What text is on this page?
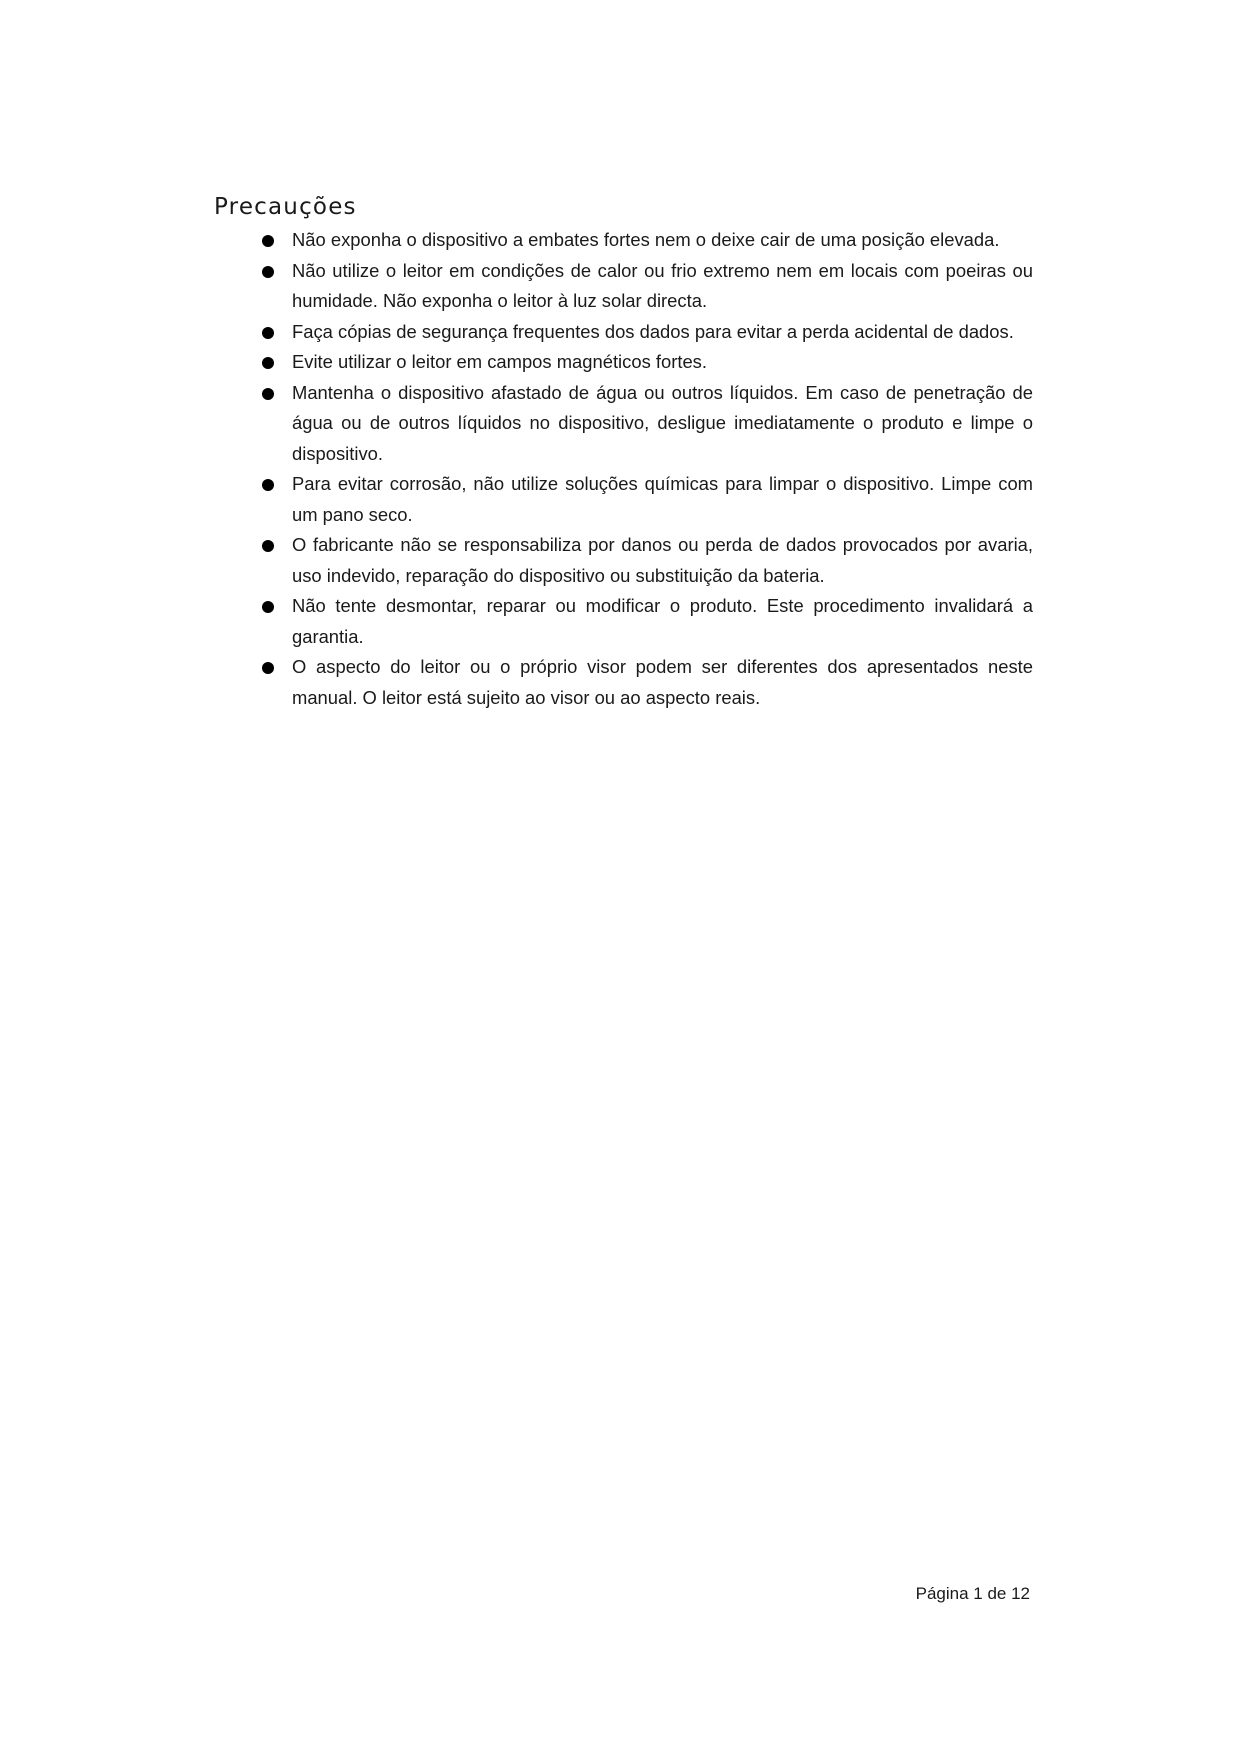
Precauções
Não exponha o dispositivo a embates fortes nem o deixe cair de uma posição elevada.
Não utilize o leitor em condições de calor ou frio extremo nem em locais com poeiras ou humidade. Não exponha o leitor à luz solar directa.
Faça cópias de segurança frequentes dos dados para evitar a perda acidental de dados.
Evite utilizar o leitor em campos magnéticos fortes.
Mantenha o dispositivo afastado de água ou outros líquidos. Em caso de penetração de água ou de outros líquidos no dispositivo, desligue imediatamente o produto e limpe o dispositivo.
Para evitar corrosão, não utilize soluções químicas para limpar o dispositivo. Limpe com um pano seco.
O fabricante não se responsabiliza por danos ou perda de dados provocados por avaria, uso indevido, reparação do dispositivo ou substituição da bateria.
Não tente desmontar, reparar ou modificar o produto. Este procedimento invalidará a garantia.
O aspecto do leitor ou o próprio visor podem ser diferentes dos apresentados neste manual. O leitor está sujeito ao visor ou ao aspecto reais.
Página 1 de 12
